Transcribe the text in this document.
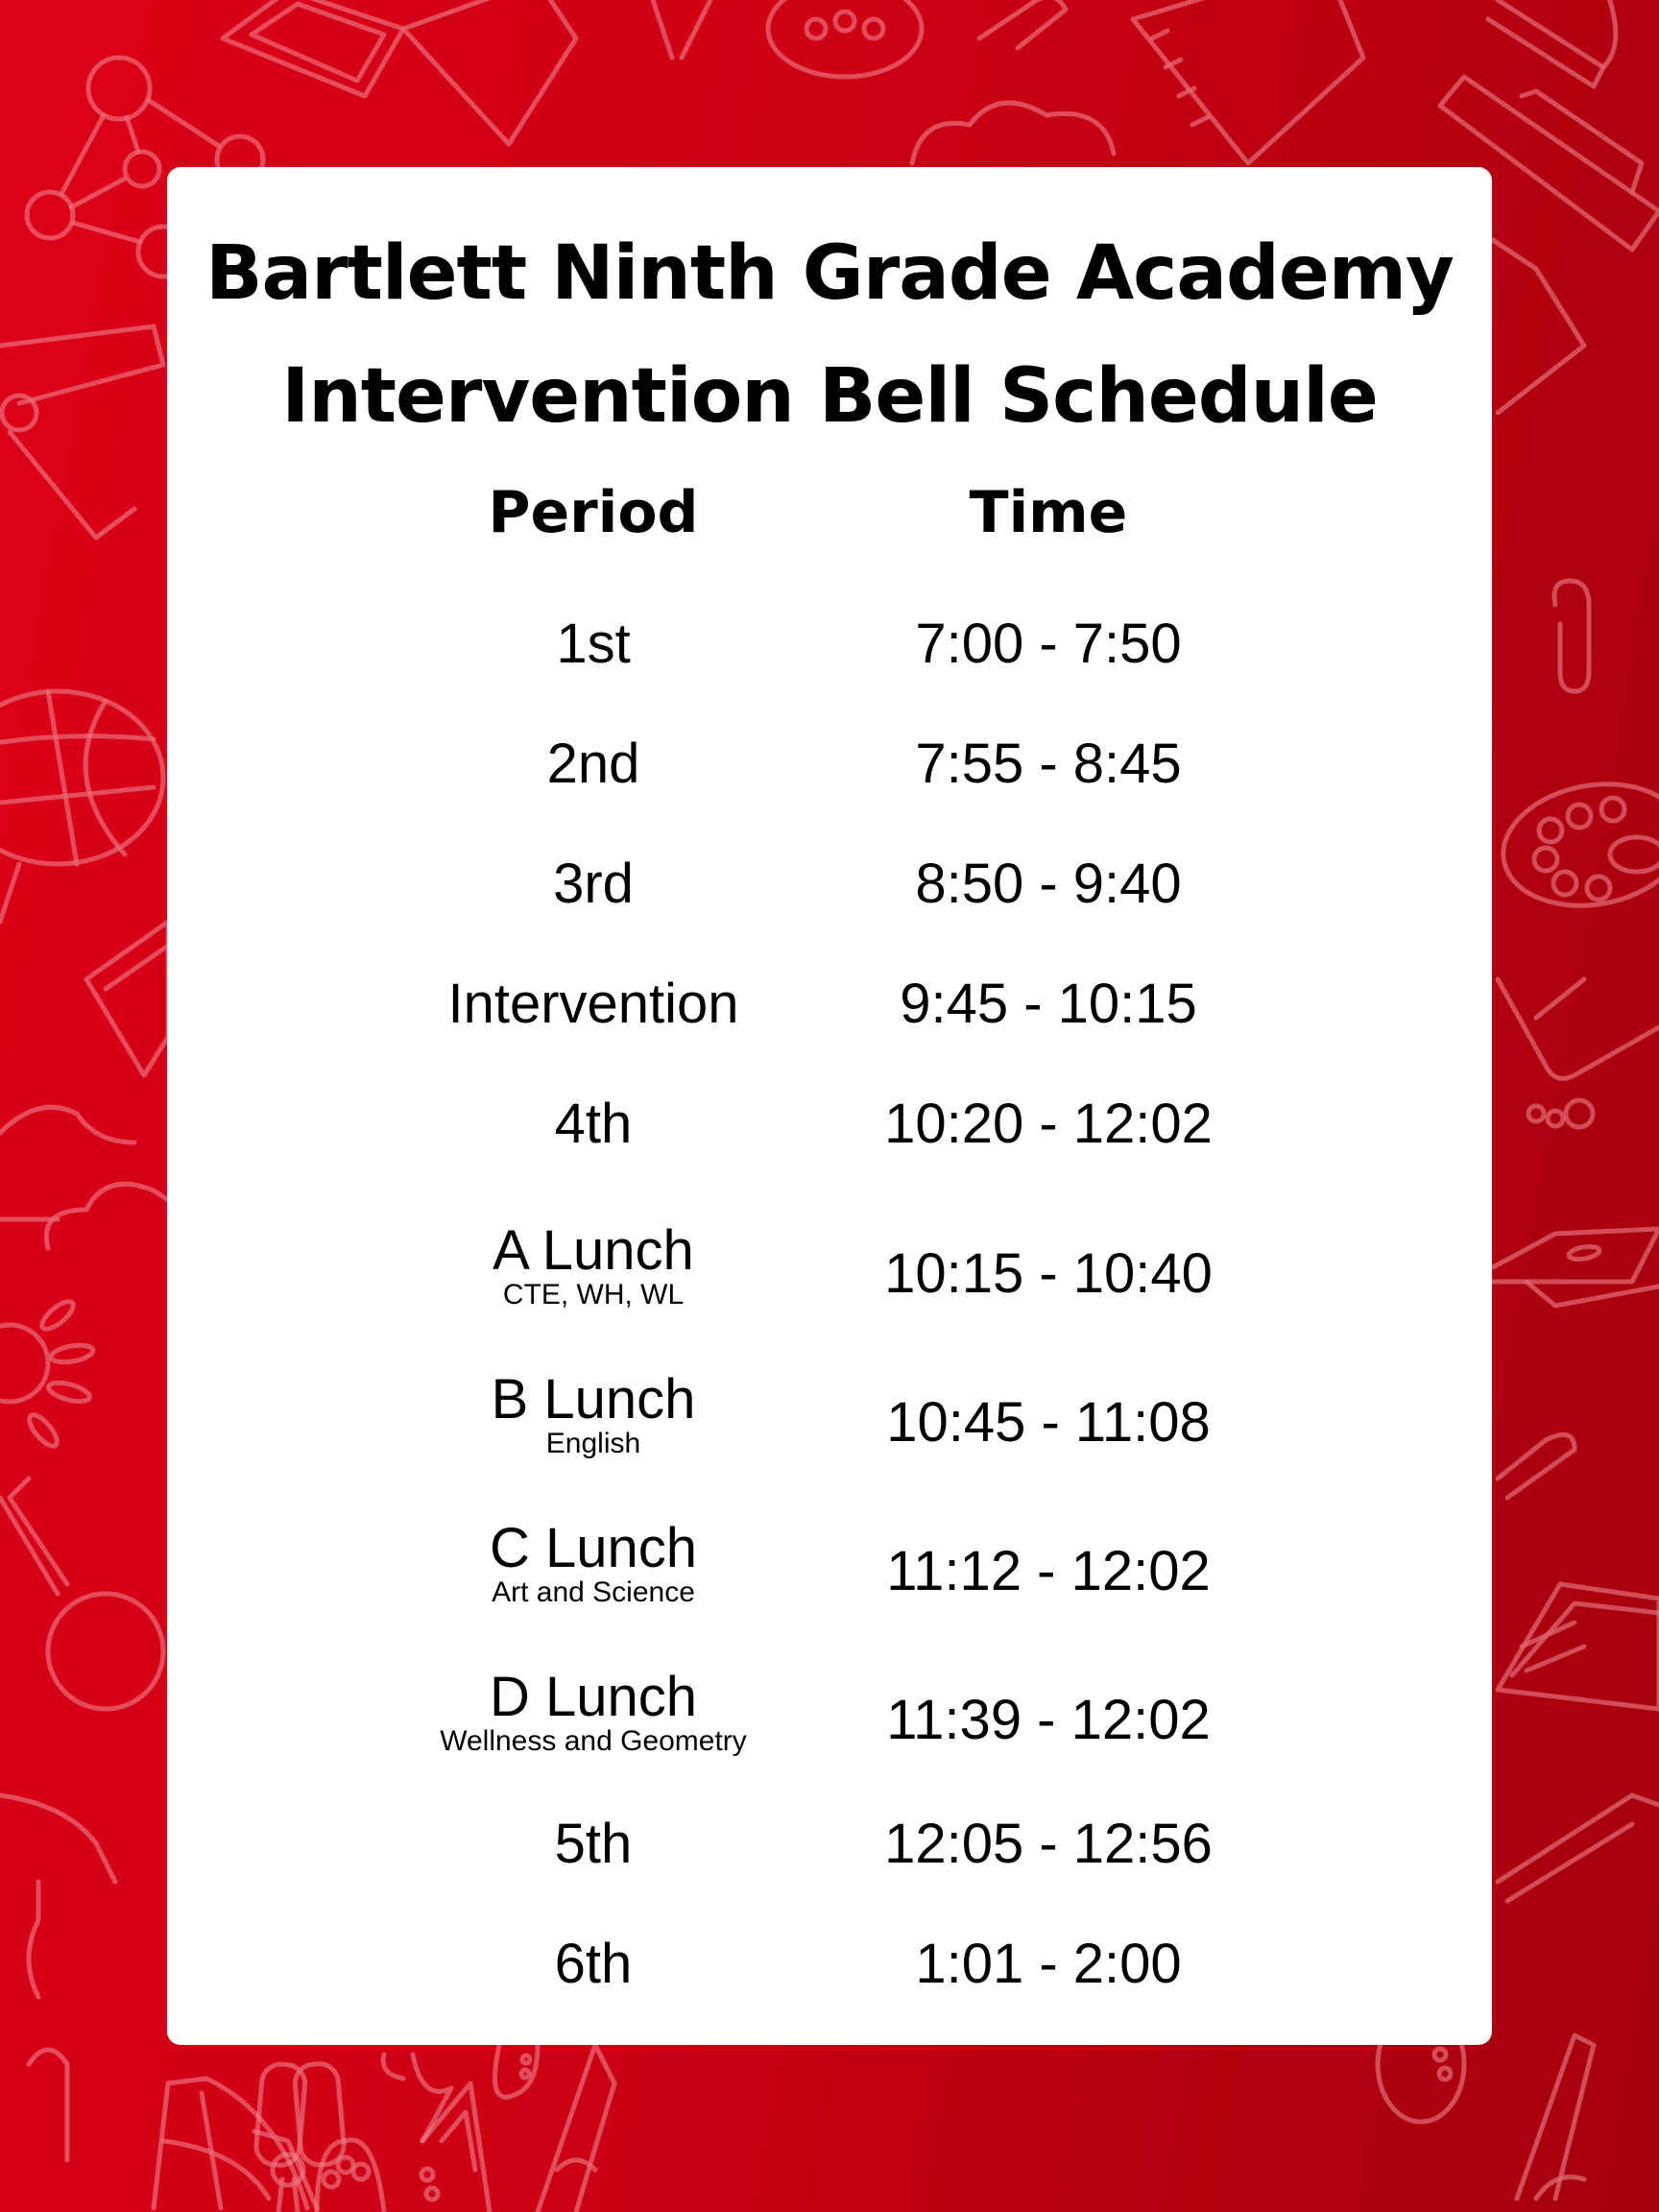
Bartlett Ninth Grade Academy
Intervention Bell Schedule
Period	Time
1st	7:00 - 7:50
2nd	7:55 - 8:45
3rd	8:50 - 9:40
Intervention	9:45 - 10:15
4th	10:20 - 12:02
A Lunch
CTE, WH, WL	10:15 - 10:40
B Lunch
English	10:45 - 11:08
C Lunch
Art and Science	11:12 - 12:02
D Lunch
Wellness and Geometry	11:39 - 12:02
5th	12:05 - 12:56
6th	1:01 - 2:00
